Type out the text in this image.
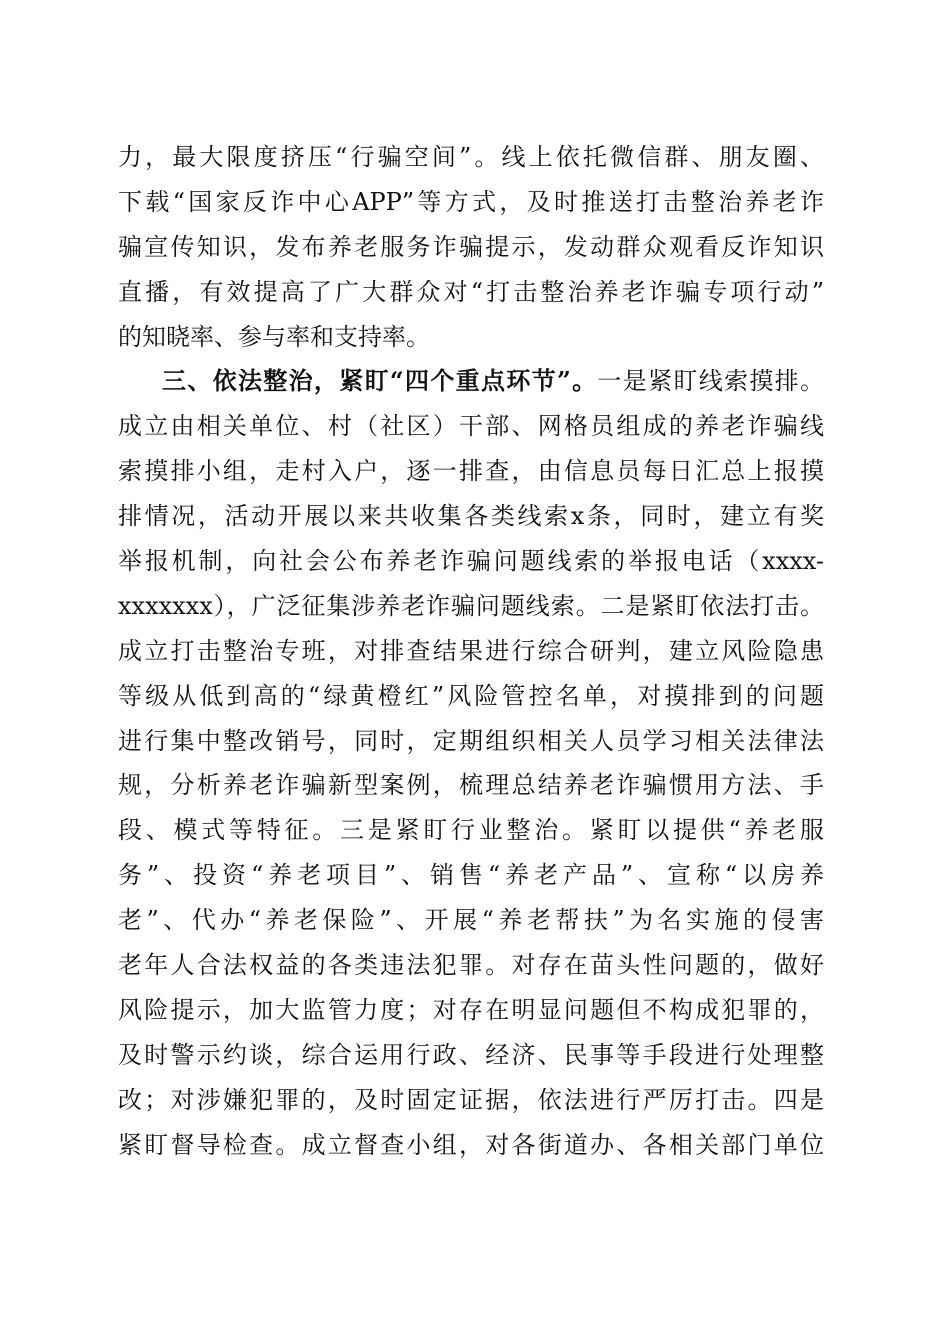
力，最大限度挤压“行骗空间”。线上依托微信群、朋友圈、
下载“国家反诈中心APP”等方式，及时推送打击整治养老诈
骗宣传知识，发布养老服务诈骗提示，发动群众观看反诈知识
直播，有效提高了广大群众对“打击整治养老诈骗专项行动”
的知晓率、参与率和支持率。
三、依法整治，紧盯“四个重点环节”。一是紧盯线索摸排。
成立由相关单位、村（社区）干部、网格员组成的养老诈骗线
索摸排小组，走村入户，逐一排查，由信息员每日汇总上报摸
排情况，活动开展以来共收集各类线索x条，同时，建立有奖
举报机制，向社会公布养老诈骗问题线索的举报电话（xxxx-
xxxxxxx），广泛征集涉养老诈骗问题线索。二是紧盯依法打击。
成立打击整治专班，对排查结果进行综合研判，建立风险隐患
等级从低到高的“绿黄橙红”风险管控名单，对摸排到的问题
进行集中整改销号，同时，定期组织相关人员学习相关法律法
规，分析养老诈骗新型案例，梳理总结养老诈骗惯用方法、手
段、模式等特征。三是紧盯行业整治。紧盯以提供“养老服
务”、投资“养老项目”、销售“养老产品”、宣称“以房养
老”、代办“养老保险”、开展“养老帮扶”为名实施的侵害
老年人合法权益的各类违法犯罪。对存在苗头性问题的，做好
风险提示，加大监管力度；对存在明显问题但不构成犯罪的，
及时警示约谈，综合运用行政、经济、民事等手段进行处理整
改；对涉嫌犯罪的，及时固定证据，依法进行严厉打击。四是
紧盯督导检查。成立督查小组，对各街道办、各相关部门单位
